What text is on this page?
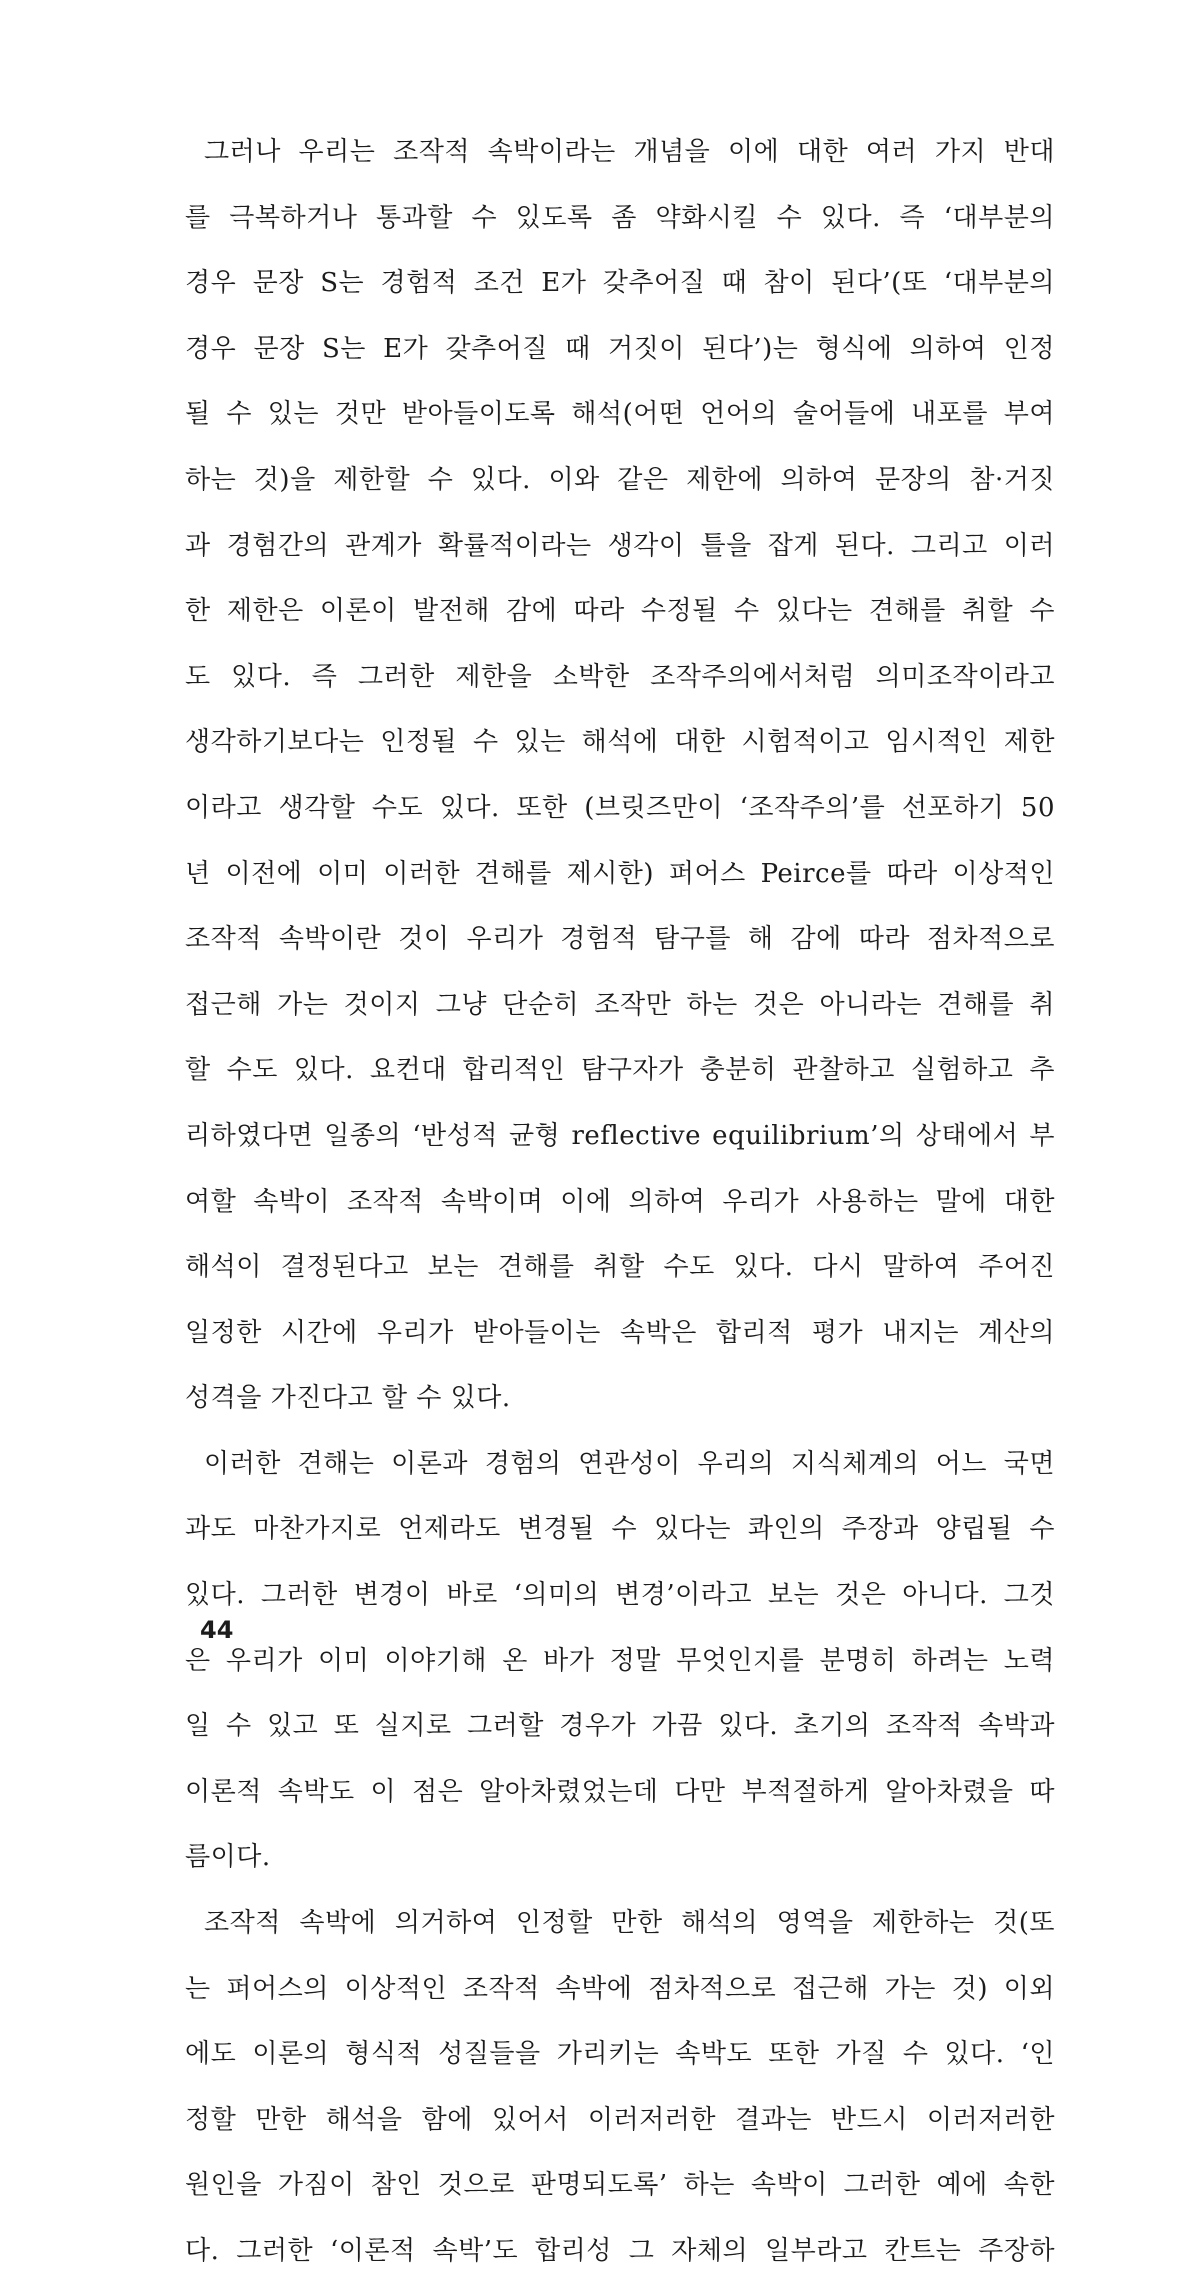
그러나 우리는 조작적 속박이라는 개념을 이에 대한 여러 가지 반대
를 극복하거나 통과할 수 있도록 좀 약화시킬 수 있다. 즉 ‘대부분의
경우 문장 S는 경험적 조건 E가 갖추어질 때 참이 된다’(또 ‘대부분의
경우 문장 S는 E가 갖추어질 때 거짓이 된다’)는 형식에 의하여 인정
될 수 있는 것만 받아들이도록 해석(어떤 언어의 술어들에 내포를 부여
하는 것)을 제한할 수 있다. 이와 같은 제한에 의하여 문장의 참·거짓
과 경험간의 관계가 확률적이라는 생각이 틀을 잡게 된다. 그리고 이러
한 제한은 이론이 발전해 감에 따라 수정될 수 있다는 견해를 취할 수
도 있다. 즉 그러한 제한을 소박한 조작주의에서처럼 의미조작이라고
생각하기보다는 인정될 수 있는 해석에 대한 시험적이고 임시적인 제한
이라고 생각할 수도 있다. 또한 (브릿즈만이 ‘조작주의’를 선포하기 50
년 이전에 이미 이러한 견해를 제시한) 퍼어스 Peirce를 따라 이상적인
조작적 속박이란 것이 우리가 경험적 탐구를 해 감에 따라 점차적으로
접근해 가는 것이지 그냥 단순히 조작만 하는 것은 아니라는 견해를 취
할 수도 있다. 요컨대 합리적인 탐구자가 충분히 관찰하고 실험하고 추
리하였다면 일종의 ‘반성적 균형 reflective equilibrium’의 상태에서 부
여할 속박이 조작적 속박이며 이에 의하여 우리가 사용하는 말에 대한
해석이 결정된다고 보는 견해를 취할 수도 있다. 다시 말하여 주어진
일정한 시간에 우리가 받아들이는 속박은 합리적 평가 내지는 계산의
성격을 가진다고 할 수 있다.
이러한 견해는 이론과 경험의 연관성이 우리의 지식체계의 어느 국면
과도 마찬가지로 언제라도 변경될 수 있다는 콰인의 주장과 양립될 수
있다. 그러한 변경이 바로 ‘의미의 변경’이라고 보는 것은 아니다. 그것
은 우리가 이미 이야기해 온 바가 정말 무엇인지를 분명히 하려는 노력
일 수 있고 또 실지로 그러할 경우가 가끔 있다. 초기의 조작적 속박과
이론적 속박도 이 점은 알아차렸었는데 다만 부적절하게 알아차렸을 따
름이다.
조작적 속박에 의거하여 인정할 만한 해석의 영역을 제한하는 것(또
는 퍼어스의 이상적인 조작적 속박에 점차적으로 접근해 가는 것) 이외
에도 이론의 형식적 성질들을 가리키는 속박도 또한 가질 수 있다. ‘인
정할 만한 해석을 함에 있어서 이러저러한 결과는 반드시 이러저러한
원인을 가짐이 참인 것으로 판명되도록’ 하는 속박이 그러한 예에 속한
다. 그러한 ‘이론적 속박’도 합리성 그 자체의 일부라고 칸트는 주장하
44
